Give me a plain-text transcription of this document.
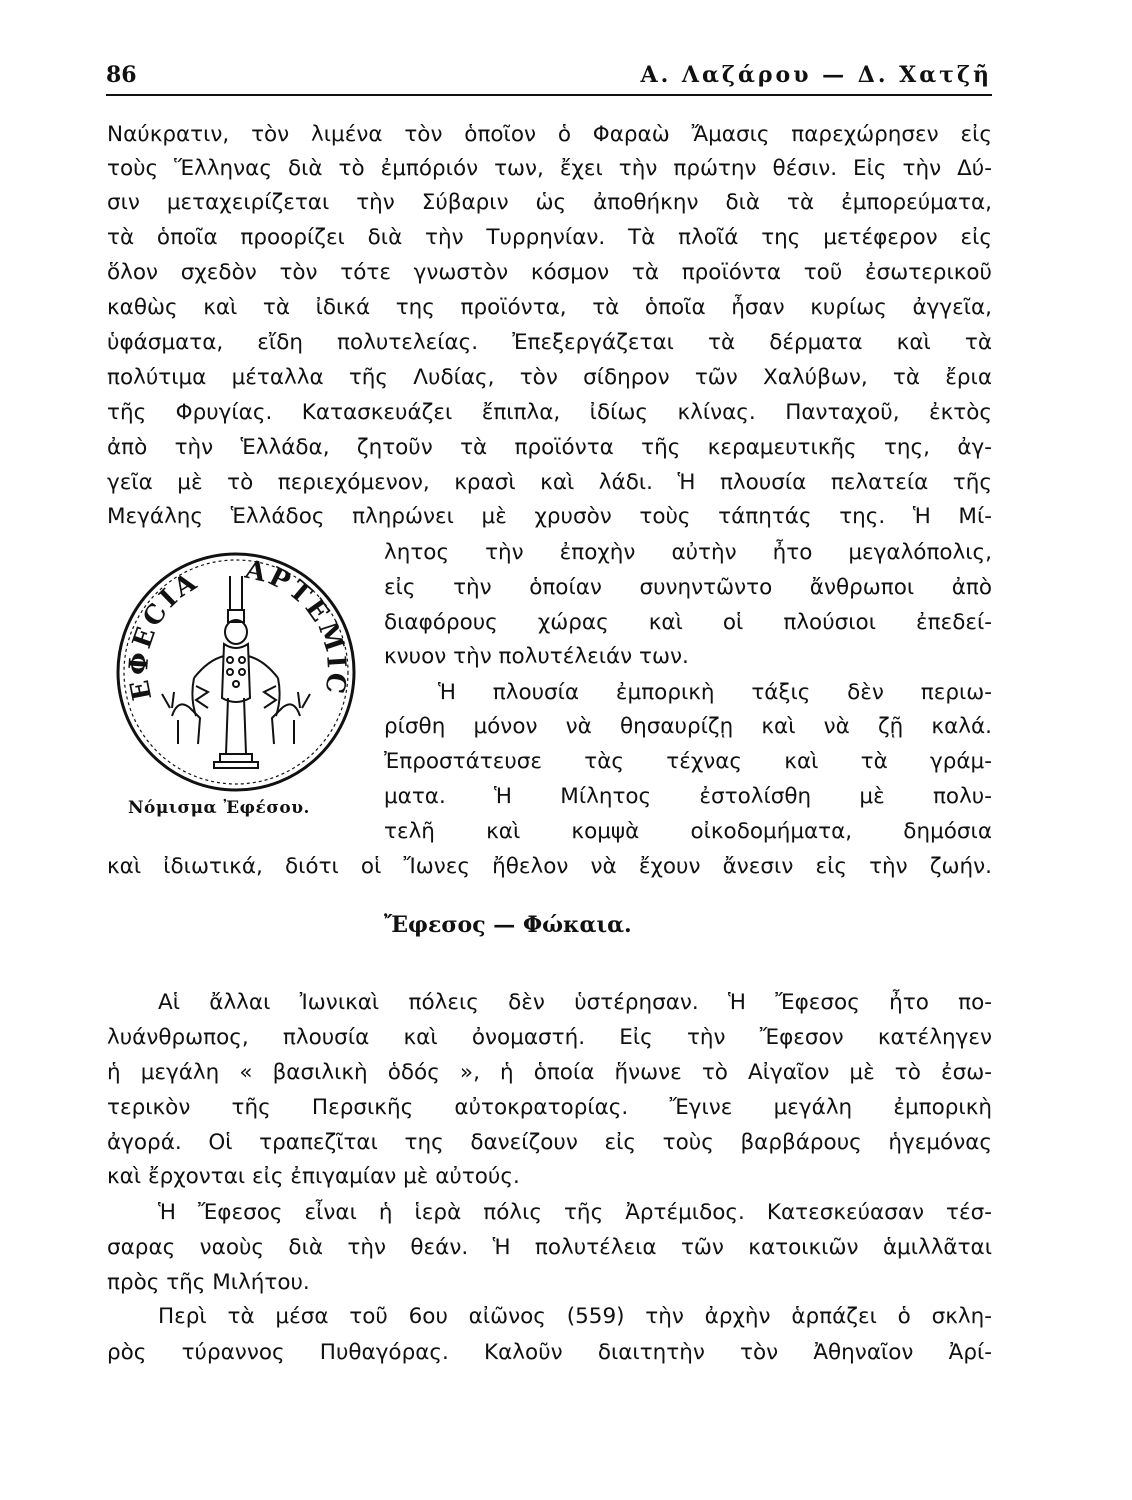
86	Α. Λαζάρου — Δ. Χατζῆ
Ναύκρατιν, τὸν λιμένα τὸν ὁποῖον ὁ Φαραὼ Ἄμασις παρεχώρησεν εἰς
τοὺς Ἕλληνας διὰ τὸ ἐμπόριόν των, ἔχει τὴν πρώτην θέσιν. Εἰς τὴν Δύ-
σιν μεταχειρίζεται τὴν Σύβαριν ὡς ἀποθήκην διὰ τὰ ἐμπορεύματα,
τὰ ὁποῖα προορίζει διὰ τὴν Τυρρηνίαν. Τὰ πλοῖά της μετέφερον εἰς
ὅλον σχεδὸν τὸν τότε γνωστὸν κόσμον τὰ προϊόντα τοῦ ἐσωτερικοῦ
καθὼς καὶ τὰ ἰδικά της προϊόντα, τὰ ὁποῖα ἦσαν κυρίως ἀγγεῖα,
ὑφάσματα, εἴδη πολυτελείας. Ἐπεξεργάζεται τὰ δέρματα καὶ τὰ
πολύτιμα μέταλλα τῆς Λυδίας, τὸν σίδηρον τῶν Χαλύβων, τὰ ἔρια
τῆς Φρυγίας. Κατασκευάζει ἔπιπλα, ἰδίως κλίνας. Πανταχοῦ, ἐκτὸς
ἀπὸ τὴν Ἑλλάδα, ζητοῦν τὰ προϊόντα τῆς κεραμευτικῆς της, ἀγ-
γεῖα μὲ τὸ περιεχόμενον, κρασὶ καὶ λάδι. Ἡ πλουσία πελατεία τῆς
Μεγάλης Ἑλλάδος πληρώνει μὲ χρυσὸν τοὺς τάπητάς της. Ἡ Μί-
λητος τὴν ἐποχὴν αὐτὴν ἦτο μεγαλόπολις,
εἰς τὴν ὁποίαν συνηντῶντο ἄνθρωποι ἀπὸ
διαφόρους χώρας καὶ οἱ πλούσιοι ἐπεδεί-
κνυον τὴν πολυτέλειάν των.
Ἡ πλουσία ἐμπορικὴ τάξις δὲν περιω-
ρίσθη μόνον νὰ θησαυρίζῃ καὶ νὰ ζῇ καλά.
Ἐπροστάτευσε τὰς τέχνας καὶ τὰ γράμ-
ματα. Ἡ Μίλητος ἐστολίσθη μὲ πολυ-
τελῆ καὶ κομψὰ οἰκοδομήματα, δημόσια
καὶ ἰδιωτικά, διότι οἱ Ἴωνες ἤθελον νὰ ἔχουν ἄνεσιν εἰς τὴν ζωήν.
ΕΦΕCΙΑ ΑΡΤΕΜΙC
Νόμισμα Ἐφέσου.
Ἔφεσος — Φώκαια.
Αἱ ἄλλαι Ἰωνικαὶ πόλεις δὲν ὑστέρησαν. Ἡ Ἔφεσος ἦτο πο-
λυάνθρωπος, πλουσία καὶ ὀνομαστή. Εἰς τὴν Ἔφεσον κατέληγεν
ἡ μεγάλη « βασιλικὴ ὁδός », ἡ ὁποία ἥνωνε τὸ Αἰγαῖον μὲ τὸ ἐσω-
τερικὸν τῆς Περσικῆς αὐτοκρατορίας. Ἔγινε μεγάλη ἐμπορικὴ
ἀγορά. Οἱ τραπεζῖται της δανείζουν εἰς τοὺς βαρβάρους ἡγεμόνας
καὶ ἔρχονται εἰς ἐπιγαμίαν μὲ αὐτούς.
Ἡ Ἔφεσος εἶναι ἡ ἱερὰ πόλις τῆς Ἀρτέμιδος. Κατεσκεύασαν τέσ-
σαρας ναοὺς διὰ τὴν θεάν. Ἡ πολυτέλεια τῶν κατοικιῶν ἁμιλλᾶται
πρὸς τῆς Μιλήτου.
Περὶ τὰ μέσα τοῦ 6ου αἰῶνος (559) τὴν ἀρχὴν ἁρπάζει ὁ σκλη-
ρὸς τύραννος Πυθαγόρας. Καλοῦν διαιτητὴν τὸν Ἀθηναῖον Ἀρί-
